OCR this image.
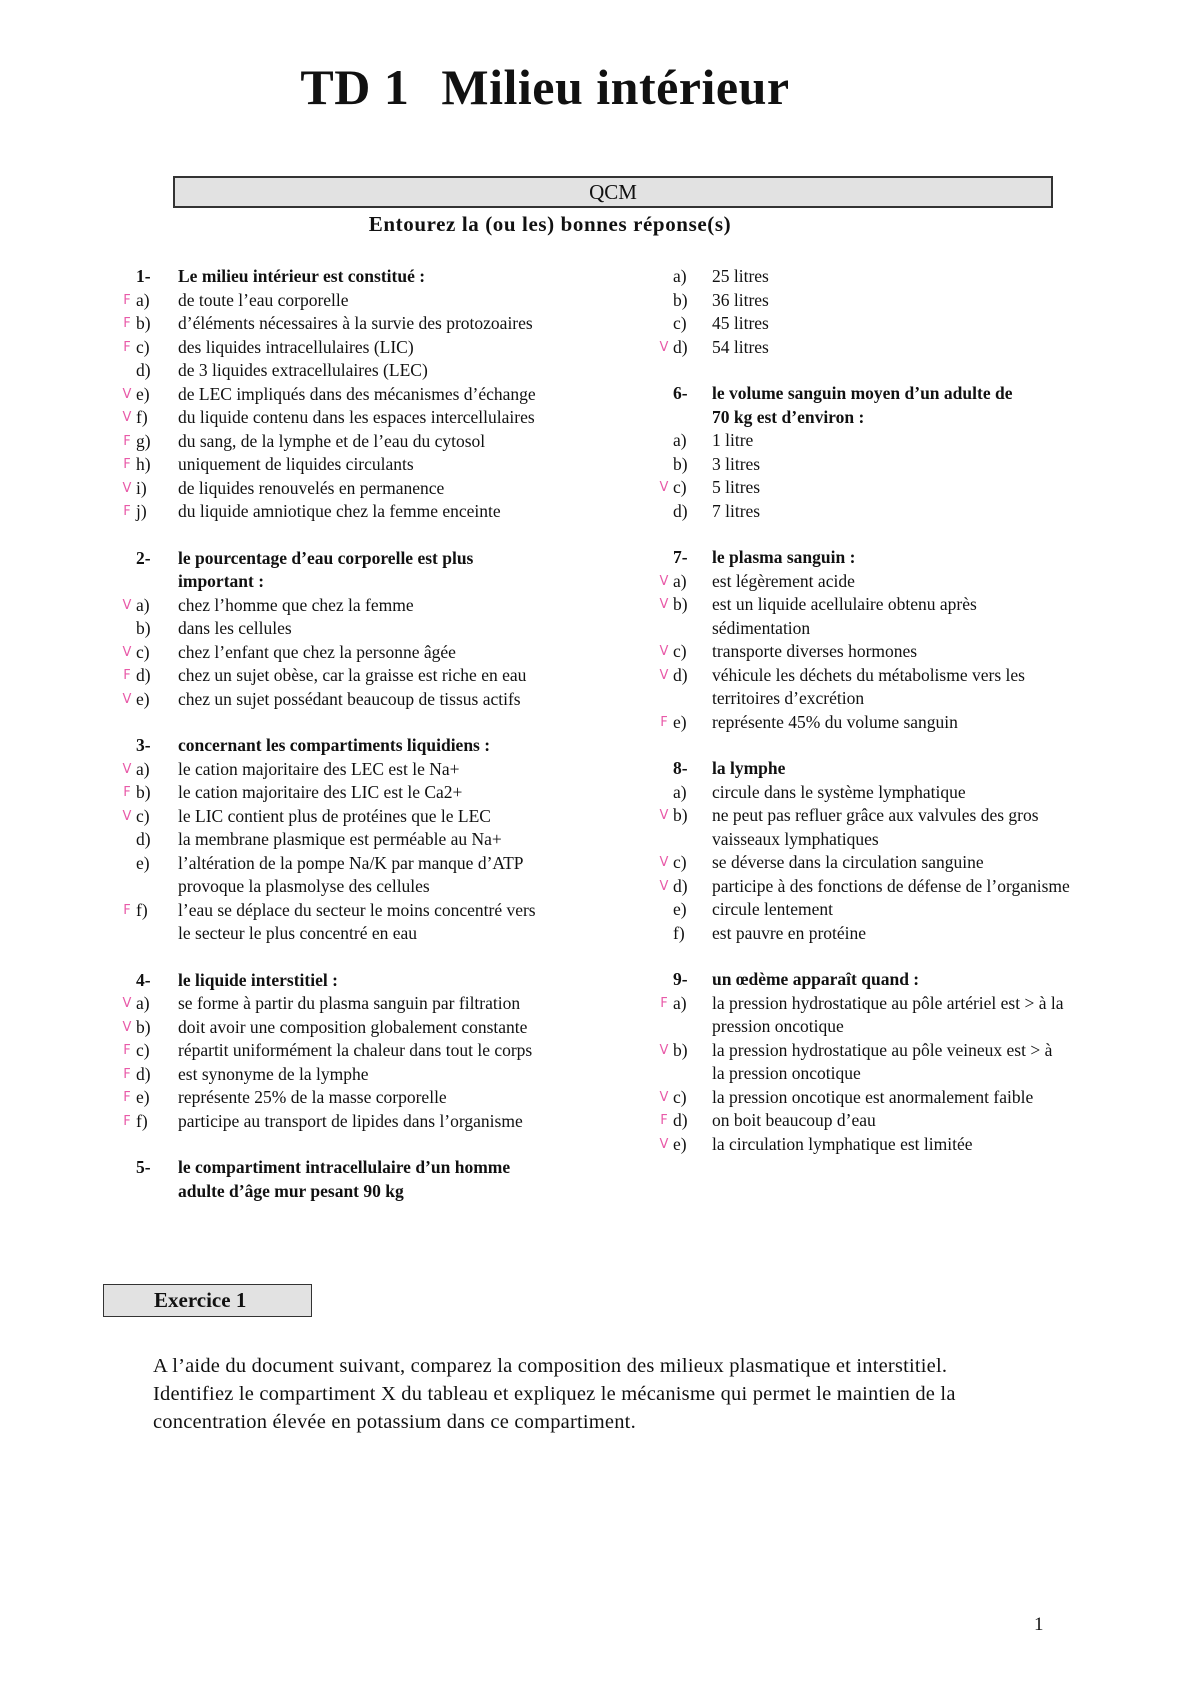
TD 1 Milieu intérieur
QCM
Entourez la (ou les) bonnes réponse(s)
1-	Le milieu intérieur est constitué :
F a)	de toute l’eau corporelle
F b)	d’éléments nécessaires à la survie des protozoaires
F c)	des liquides intracellulaires (LIC)
d)	de 3 liquides extracellulaires (LEC)
V e)	de LEC impliqués dans des mécanismes d’échange
V f)	du liquide contenu dans les espaces intercellulaires
F g)	du sang, de la lymphe et de l’eau du cytosol
F h)	uniquement de liquides circulants
V i)	de liquides renouvelés en permanence
F j)	du liquide amniotique chez la femme enceinte
2-	le pourcentage d’eau corporelle est plus
important :
V a)	chez l’homme que chez la femme
b)	dans les cellules
V c)	chez l’enfant que chez la personne âgée
F d)	chez un sujet obèse, car la graisse est riche en eau
V e)	chez un sujet possédant beaucoup de tissus actifs
3-	concernant les compartiments liquidiens :
V a)	le cation majoritaire des LEC est le Na+
F b)	le cation majoritaire des LIC est le Ca2+
V c)	le LIC contient plus de protéines que le LEC
d)	la membrane plasmique est perméable au Na+
e)	l’altération de la pompe Na/K par manque d’ATP
provoque la plasmolyse des cellules
F f)	l’eau se déplace du secteur le moins concentré vers
le secteur le plus concentré en eau
4-	le liquide interstitiel :
V a)	se forme à partir du plasma sanguin par filtration
V b)	doit avoir une composition globalement constante
F c)	répartit uniformément la chaleur dans tout le corps
F d)	est synonyme de la lymphe
F e)	représente 25% de la masse corporelle
F f)	participe au transport de lipides dans l’organisme
5-	le compartiment intracellulaire d’un homme
adulte d’âge mur pesant 90 kg
a)	25 litres
b)	36 litres
c)	45 litres
V d)	54 litres
6-	le volume sanguin moyen d’un adulte de
70 kg est d’environ :
a)	1 litre
b)	3 litres
V c)	5 litres
d)	7 litres
7-	le plasma sanguin :
V a)	est légèrement acide
V b)	est un liquide acellulaire obtenu après
sédimentation
V c)	transporte diverses hormones
V d)	véhicule les déchets du métabolisme vers les
territoires d’excrétion
F e)	représente 45% du volume sanguin
8-	la lymphe
a)	circule dans le système lymphatique
V b)	ne peut pas refluer grâce aux valvules des gros
vaisseaux lymphatiques
V c)	se déverse dans la circulation sanguine
V d)	participe à des fonctions de défense de l’organisme
e)	circule lentement
f)	est pauvre en protéine
9-	un œdème apparaît quand :
F a)	la pression hydrostatique au pôle artériel est > à la
pression oncotique
V b)	la pression hydrostatique au pôle veineux est > à
la pression oncotique
V c)	la pression oncotique est anormalement faible
F d)	on boit beaucoup d’eau
V e)	la circulation lymphatique est limitée
Exercice 1
A l’aide du document suivant, comparez la composition des milieux plasmatique et interstitiel.
Identifiez le compartiment X du tableau et expliquez le mécanisme qui permet le maintien de la
concentration élevée en potassium dans ce compartiment.
1
